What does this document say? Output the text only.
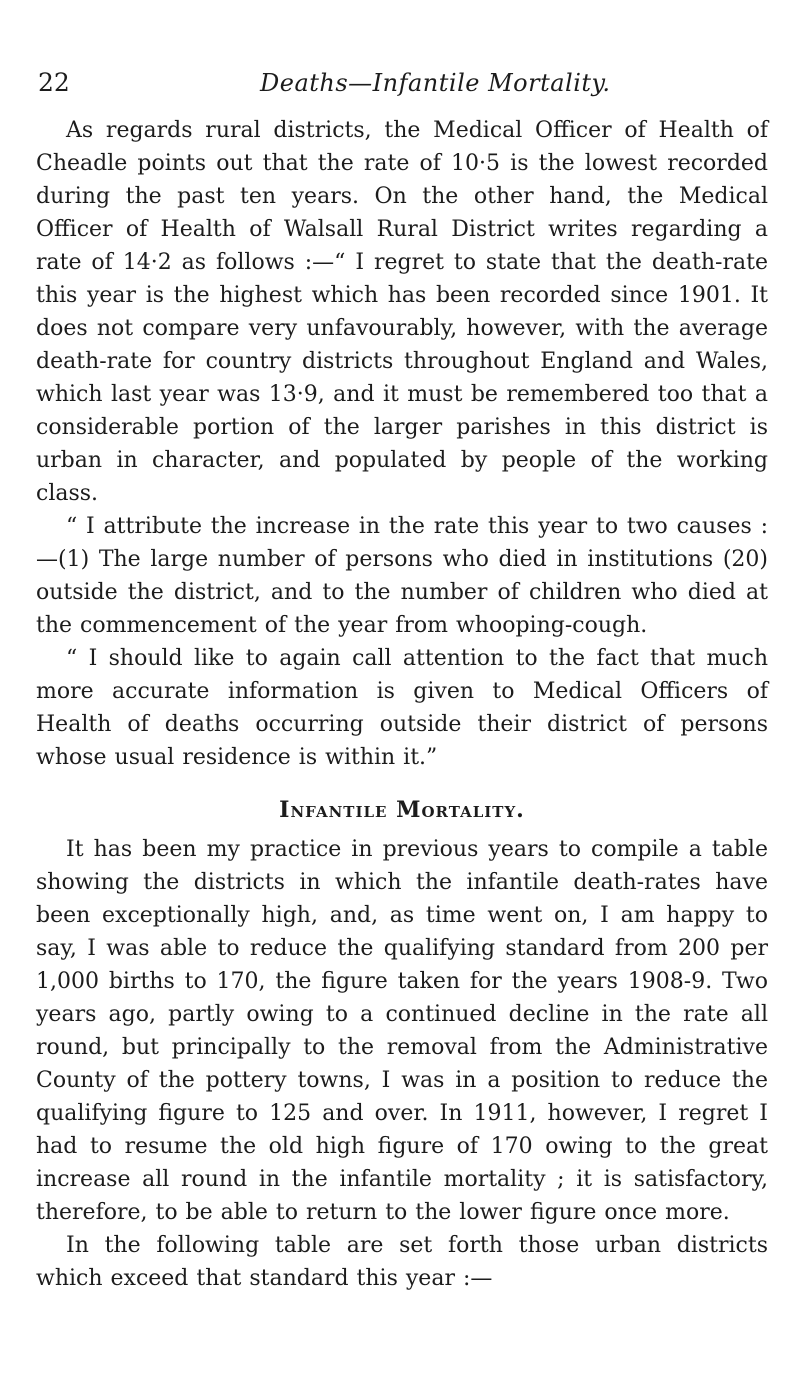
22	Deaths—Infantile Mortality.

As regards rural districts, the Medical Officer of Health of Cheadle points out that the rate of 10·5 is the lowest recorded during the past ten years. On the other hand, the Medical Officer of Health of Walsall Rural District writes regarding a rate of 14·2 as follows :—“ I regret to state that the death-rate this year is the highest which has been recorded since 1901. It does not compare very unfavourably, however, with the average death-rate for country districts throughout England and Wales, which last year was 13·9, and it must be remembered too that a considerable portion of the larger parishes in this district is urban in character, and populated by people of the working class.

“ I attribute the increase in the rate this year to two causes :—(1) The large number of persons who died in institutions (20) outside the district, and to the number of children who died at the commencement of the year from whooping-cough.

“ I should like to again call attention to the fact that much more accurate information is given to Medical Officers of Health of deaths occurring outside their district of persons whose usual residence is within it.”

Infantile Mortality.

It has been my practice in previous years to compile a table showing the districts in which the infantile death-rates have been exceptionally high, and, as time went on, I am happy to say, I was able to reduce the qualifying standard from 200 per 1,000 births to 170, the figure taken for the years 1908-9. Two years ago, partly owing to a continued decline in the rate all round, but principally to the removal from the Administrative County of the pottery towns, I was in a position to reduce the qualifying figure to 125 and over. In 1911, however, I regret I had to resume the old high figure of 170 owing to the great increase all round in the infantile mortality ; it is satisfactory, therefore, to be able to return to the lower figure once more.

In the following table are set forth those urban districts which exceed that standard this year :—
